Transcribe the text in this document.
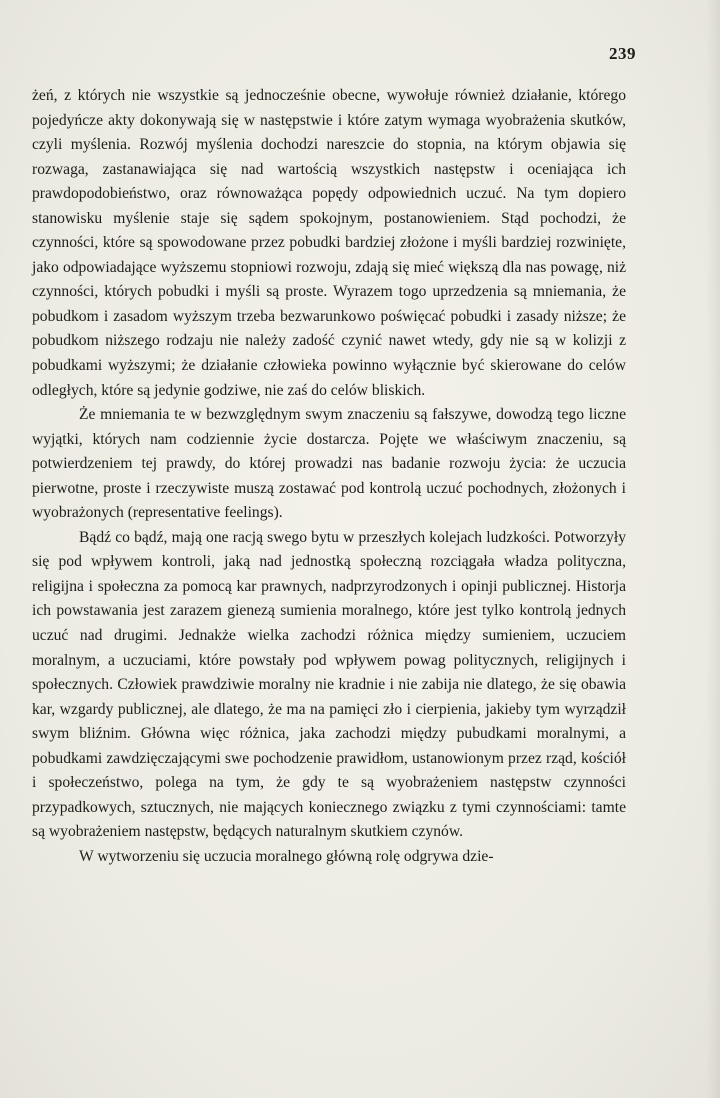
239

żeń, z których nie wszystkie są jednocześnie obecne, wywołuje również działanie, którego pojedyńcze akty dokonywają się w następstwie i które zatym wymaga wyobrażenia skutków, czyli myślenia. Rozwój myślenia dochodzi nareszcie do stopnia, na którym objawia się rozwaga, zastanawiająca się nad wartością wszystkich następstw i oceniająca ich prawdopodobieństwo, oraz równoważąca popędy odpowiednich uczuć. Na tym dopiero stanowisku myślenie staje się sądem spokojnym, postanowieniem. Stąd pochodzi, że czynności, które są spowodowane przez pobudki bardziej złożone i myśli bardziej rozwinięte, jako odpowiadające wyższemu stopniowi rozwoju, zdają się mieć większą dla nas powagę, niż czynności, których pobudki i myśli są proste. Wyrazem togo uprzedzenia są mniemania, że pobudkom i zasadom wyższym trzeba bezwarunkowo poświęcać pobudki i zasady niższe; że pobudkom niższego rodzaju nie należy zadość czynić nawet wtedy, gdy nie są w kolizji z pobudkami wyższymi; że działanie człowieka powinno wyłącznie być skierowane do celów odległych, które są jedynie godziwe, nie zaś do celów bliskich.

Że mniemania te w bezwzględnym swym znaczeniu są fałszywe, dowodzą tego liczne wyjątki, których nam codziennie życie dostarcza. Pojęte we właściwym znaczeniu, są potwierdzeniem tej prawdy, do której prowadzi nas badanie rozwoju życia: że uczucia pierwotne, proste i rzeczywiste muszą zostawać pod kontrolą uczuć pochodnych, złożonych i wyobrażonych (representative feelings).

Bądź co bądź, mają one racją swego bytu w przeszłych kolejach ludzkości. Potworzyły się pod wpływem kontroli, jaką nad jednostką społeczną rozciągała władza polityczna, religijna i społeczna za pomocą kar prawnych, nadprzyrodzonych i opinji publicznej. Historja ich powstawania jest zarazem gienezą sumienia moralnego, które jest tylko kontrolą jednych uczuć nad drugimi. Jednakże wielka zachodzi różnica między sumieniem, uczuciem moralnym, a uczuciami, które powstały pod wpływem powag politycznych, religijnych i społecznych. Człowiek prawdziwie moralny nie kradnie i nie zabija nie dlatego, że się obawia kar, wzgardy publicznej, ale dlatego, że ma na pamięci zło i cierpienia, jakieby tym wyrządził swym bliźnim. Główna więc różnica, jaka zachodzi między pubudkami moralnymi, a pobudkami zawdzięczającymi swe pochodzenie prawidłom, ustanowionym przez rząd, kościół i społeczeństwo, polega na tym, że gdy te są wyobrażeniem następstw czynności przypadkowych, sztucznych, nie mających koniecznego związku z tymi czynnościami: tamte są wyobrażeniem następstw, będących naturalnym skutkiem czynów.

W wytworzeniu się uczucia moralnego główną rolę odgrywa dzie-
